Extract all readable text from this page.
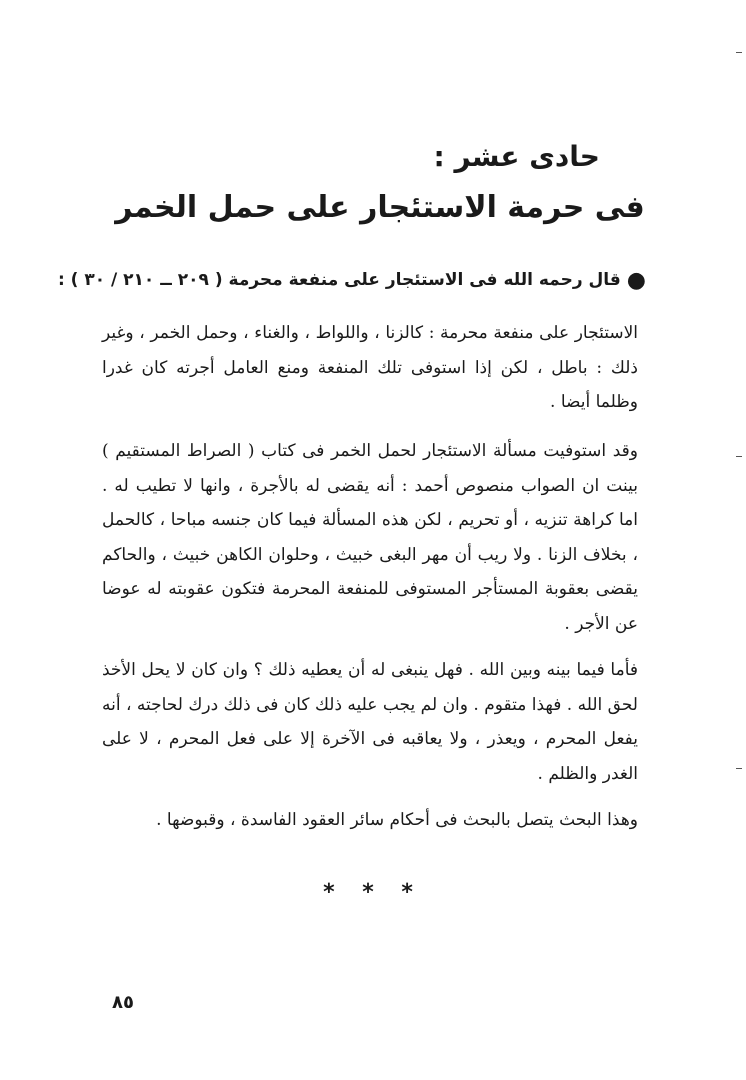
حادى عشر :
فى حرمة الاستئجار على حمل الخمر
●قال رحمه الله فى الاستئجار على منفعة محرمة ( ٢٠٩ ــ ٢١٠ / ٣٠ ) :

الاستئجار على منفعة محرمة : كالزنا ، واللواط ، والغناء ، وحمل الخمر ، وغير ذلك : باطل ، لكن إذا استوفى تلك المنفعة ومنع العامل أجرته كان غدرا وظلما أيضا .

وقد استوفيت مسألة الاستئجار لحمل الخمر فى كتاب ( الصراط المستقيم ) بينت ان الصواب منصوص أحمد : أنه يقضى له بالأجرة ، وانها لا تطيب له . اما كراهة تنزيه ، أو تحريم ، لكن هذه المسألة فيما كان جنسه مباحا ، كالحمل ، بخلاف الزنا . ولا ريب أن مهر البغى خبيث ، وحلوان الكاهن خبيث ، والحاكم يقضى بعقوبة المستأجر المستوفى للمنفعة المحرمة فتكون عقوبته له عوضا عن الأجر .

فأما فيما بينه وبين الله . فهل ينبغى له أن يعطيه ذلك ؟ وان كان لا يحل الأخذ لحق الله . فهذا متقوم . وان لم يجب عليه ذلك كان فى ذلك درك لحاجته ، أنه يفعل المحرم ، ويعذر ، ولا يعاقبه فى الآخرة إلا على فعل المحرم ، لا على الغدر والظلم .

وهذا البحث يتصل بالبحث فى أحكام سائر العقود الفاسدة ، وقبوضها .

* * *
٨٥
